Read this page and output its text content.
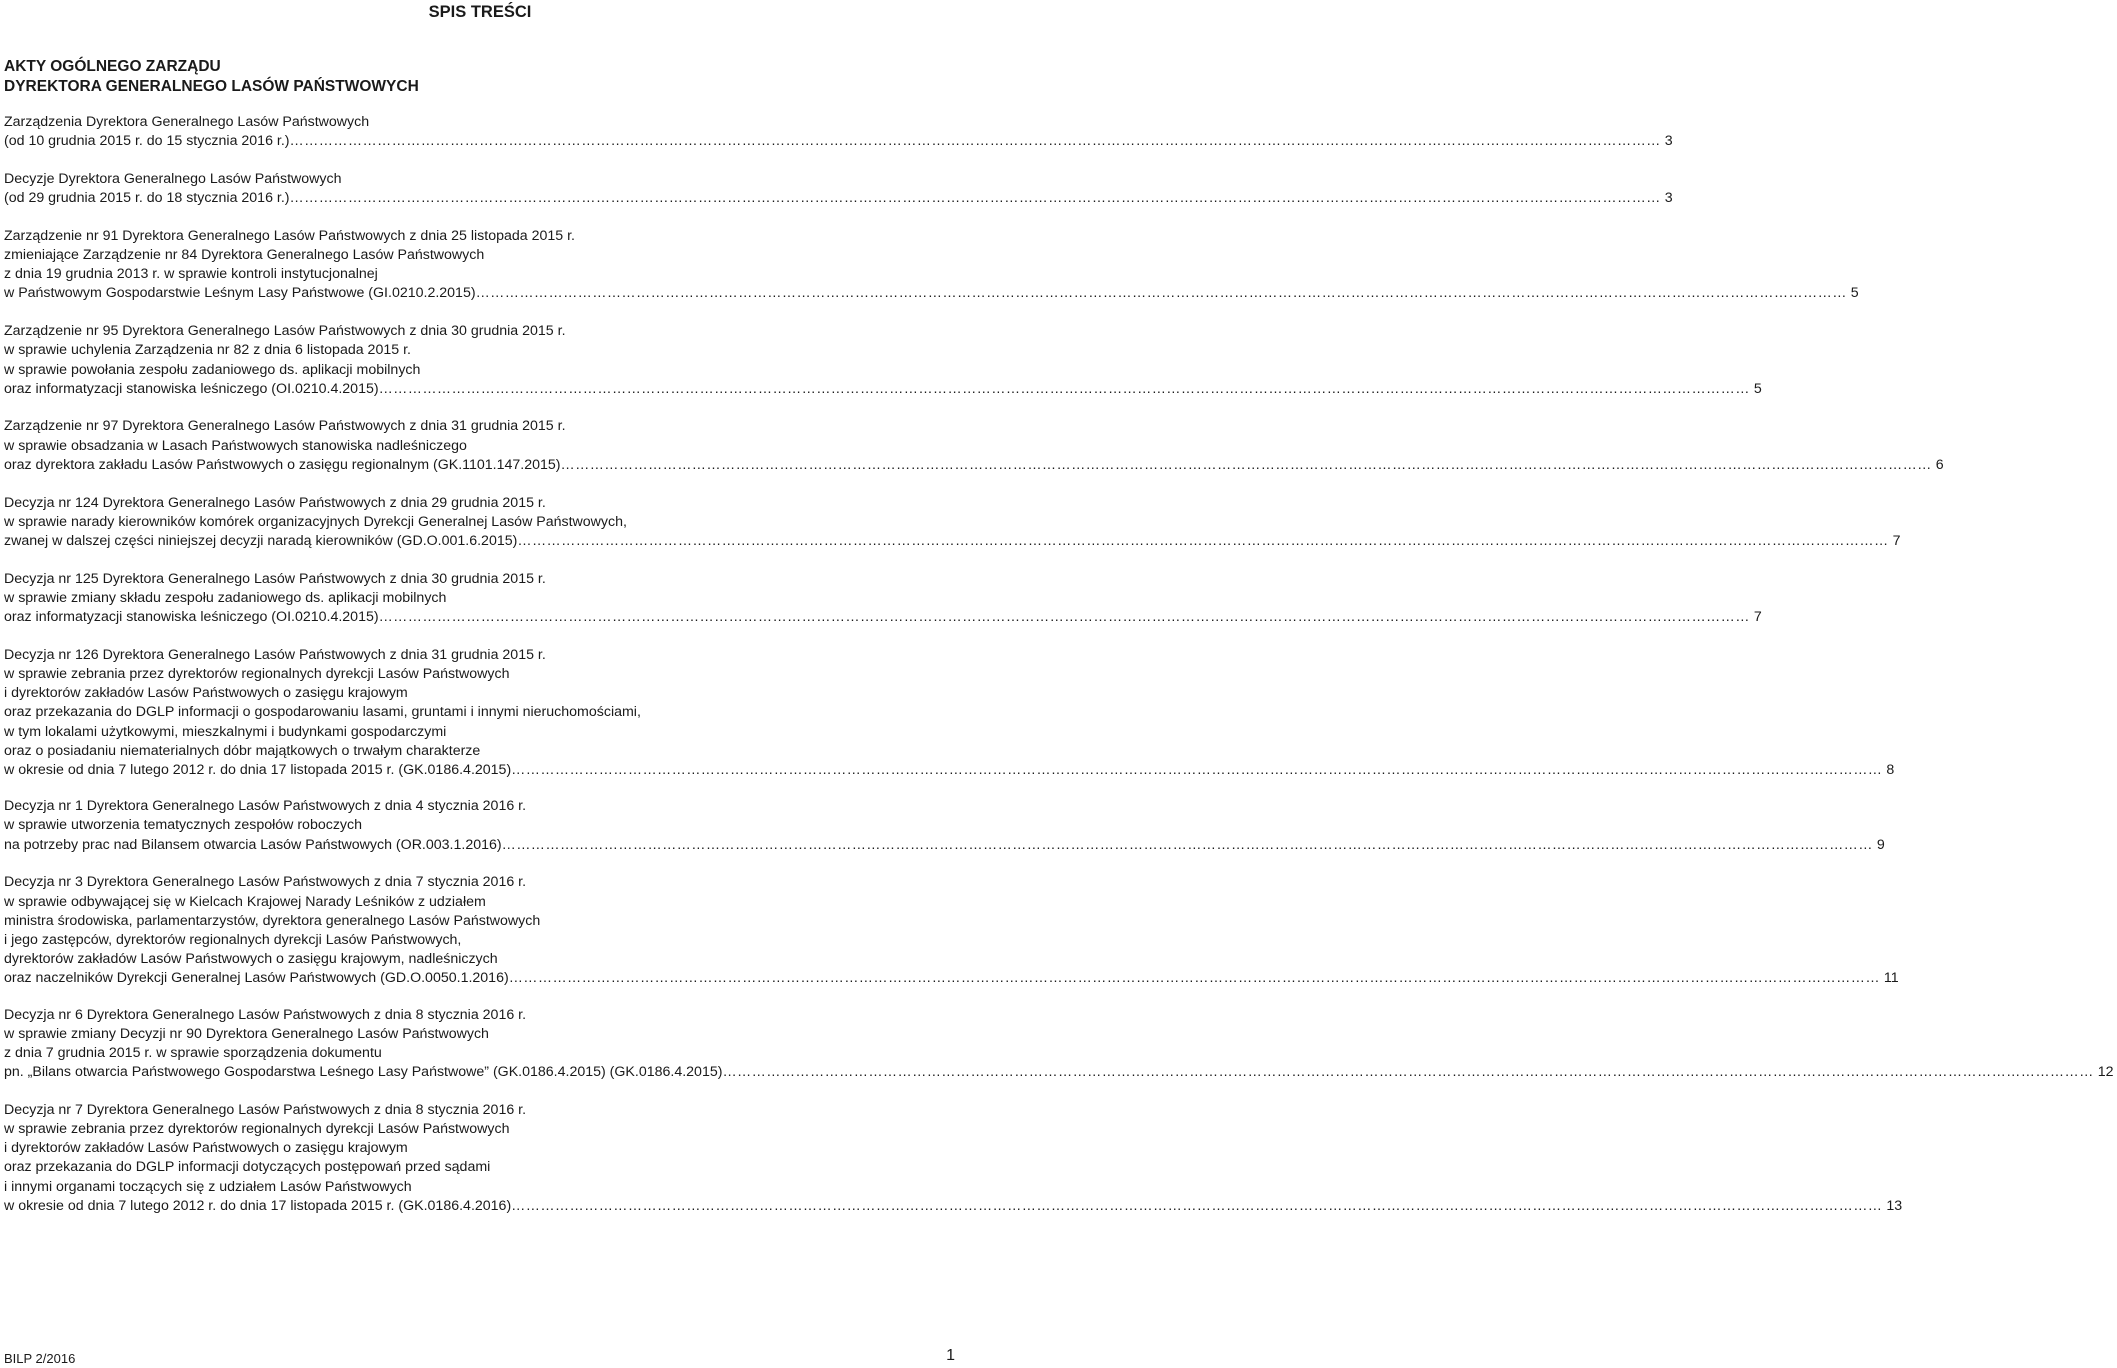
SPIS TREŚCI
AKTY OGÓLNEGO ZARZĄDU
DYREKTORA GENERALNEGO LASÓW PAŃSTWOWYCH
Zarządzenia Dyrektora Generalnego Lasów Państwowych
(od 10 grudnia 2015 r. do 15 stycznia 2016 r.) ………………………………………………………………………………………………………………………………………………………………………………………………………………………………………………………… 3
Decyzje Dyrektora Generalnego Lasów Państwowych
(od 29 grudnia 2015 r. do 18 stycznia 2016 r.) ………………………………………………………………………………………………………………………………………………………………………………………………………………………………………………………… 3
Zarządzenie nr 91 Dyrektora Generalnego Lasów Państwowych z dnia 25 listopada 2015 r.
zmieniające Zarządzenie nr 84 Dyrektora Generalnego Lasów Państwowych
z dnia 19 grudnia 2013 r. w sprawie kontroli instytucjonalnej
w Państwowym Gospodarstwie Leśnym Lasy Państwowe (GI.0210.2.2015) ………………………………………………………………………………………………………………………………………………………………………………………………………………………………………………………… 5
Zarządzenie nr 95 Dyrektora Generalnego Lasów Państwowych z dnia 30 grudnia 2015 r.
w sprawie uchylenia Zarządzenia nr 82 z dnia 6 listopada 2015 r.
w sprawie powołania zespołu zadaniowego ds. aplikacji mobilnych
oraz informatyzacji stanowiska leśniczego (OI.0210.4.2015) ………………………………………………………………………………………………………………………………………………………………………………………………………………………………………………………… 5
Zarządzenie nr 97 Dyrektora Generalnego Lasów Państwowych z dnia 31 grudnia 2015 r.
w sprawie obsadzania w Lasach Państwowych stanowiska nadleśniczego
oraz dyrektora zakładu Lasów Państwowych o zasięgu regionalnym (GK.1101.147.2015) ………………………………………………………………………………………………………………………………………………………………………………………………………………………………………………………… 6
Decyzja nr 124 Dyrektora Generalnego Lasów Państwowych z dnia 29 grudnia 2015 r.
w sprawie narady kierowników komórek organizacyjnych Dyrekcji Generalnej Lasów Państwowych,
zwanej w dalszej części niniejszej decyzji naradą kierowników (GD.O.001.6.2015) ………………………………………………………………………………………………………………………………………………………………………………………………………………………………………………………… 7
Decyzja nr 125 Dyrektora Generalnego Lasów Państwowych z dnia 30 grudnia 2015 r.
w sprawie zmiany składu zespołu zadaniowego ds. aplikacji mobilnych
oraz informatyzacji stanowiska leśniczego (OI.0210.4.2015) ………………………………………………………………………………………………………………………………………………………………………………………………………………………………………………………… 7
Decyzja nr 126 Dyrektora Generalnego Lasów Państwowych z dnia 31 grudnia 2015 r.
w sprawie zebrania przez dyrektorów regionalnych dyrekcji Lasów Państwowych
i dyrektorów zakładów Lasów Państwowych o zasięgu krajowym
oraz przekazania do DGLP informacji o gospodarowaniu lasami, gruntami i innymi nieruchomościami,
w tym lokalami użytkowymi, mieszkalnymi i budynkami gospodarczymi
oraz o posiadaniu niematerialnych dóbr majątkowych o trwałym charakterze
w okresie od dnia 7 lutego 2012 r. do dnia 17 listopada 2015 r. (GK.0186.4.2015) ………………………………………………………………………………………………………………………………………………………………………………………………………………………………………………………… 8
Decyzja nr 1 Dyrektora Generalnego Lasów Państwowych z dnia 4 stycznia 2016 r.
w sprawie utworzenia tematycznych zespołów roboczych
na potrzeby prac nad Bilansem otwarcia Lasów Państwowych (OR.003.1.2016) ………………………………………………………………………………………………………………………………………………………………………………………………………………………………………………………… 9
Decyzja nr 3 Dyrektora Generalnego Lasów Państwowych z dnia 7 stycznia 2016 r.
w sprawie odbywającej się w Kielcach Krajowej Narady Leśników z udziałem
ministra środowiska, parlamentarzystów, dyrektora generalnego Lasów Państwowych
i jego zastępców, dyrektorów regionalnych dyrekcji Lasów Państwowych,
dyrektorów zakładów Lasów Państwowych o zasięgu krajowym, nadleśniczych
oraz naczelników Dyrekcji Generalnej Lasów Państwowych (GD.O.0050.1.2016) ………………………………………………………………………………………………………………………………………………………………………………………………………………………………………………………… 11
Decyzja nr 6 Dyrektora Generalnego Lasów Państwowych z dnia 8 stycznia 2016 r.
w sprawie zmiany Decyzji nr 90 Dyrektora Generalnego Lasów Państwowych
z dnia 7 grudnia 2015 r. w sprawie sporządzenia dokumentu
pn. „Bilans otwarcia Państwowego Gospodarstwa Leśnego Lasy Państwowe” (GK.0186.4.2015) (GK.0186.4.2015) ………………………………………………………………………………………………………………………………………………………………………………………………………………………………………………………… 12
Decyzja nr 7 Dyrektora Generalnego Lasów Państwowych z dnia 8 stycznia 2016 r.
w sprawie zebrania przez dyrektorów regionalnych dyrekcji Lasów Państwowych
i dyrektorów zakładów Lasów Państwowych o zasięgu krajowym
oraz przekazania do DGLP informacji dotyczących postępowań przed sądami
i innymi organami toczących się z udziałem Lasów Państwowych
w okresie od dnia 7 lutego 2012 r. do dnia 17 listopada 2015 r. (GK.0186.4.2016) ………………………………………………………………………………………………………………………………………………………………………………………………………………………………………………………… 13
BILP 2/2016	1
